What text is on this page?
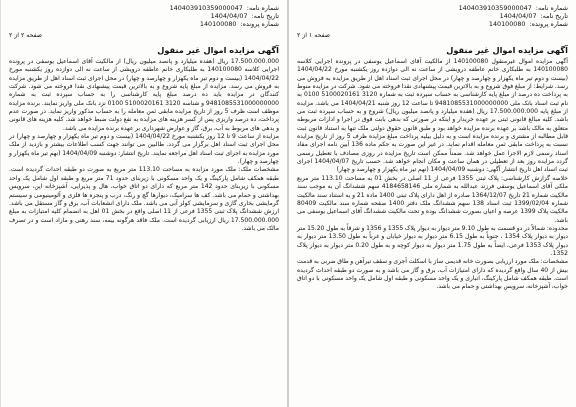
شماره نامه:
140403910359000047
تاریخ نامه:
1404/04/07
شماره پرونده:
140100080
صفحه ۱ از ۲
آگهی مزایده اموال غیر منقول

آگهی مزایده اموال غیرمنقول 140100080 از مالکیت آقای اسماعیل یوسفی در پرونده اجرایی کلاسه 140100080 به طلبکاری خانم عاطفه درویشی از ساعت نه الی دوازده روز یکشنبه مورخ 1404/04/22 (بیست و دوم تیر ماه یکهزار و چهارصد و چهار) در محل اجرای ثبت اسناد اهل از طریق مزایده به فروش می رسد. شرایط: از مبلغ فوق شروع و به بالاترین قیمت پیشنهادی نقدا فروخته می شود. شرکت در مزایده منوط به پرداخت ده درصد از مبلغ پایه کارشناسی به حساب سپرده ثبت به شماره 3120 5100020161 0100 به نام ثبت اسناد بانک ملی 9481085531000000000 تا ساعت 12 روز شنبه 1404/04/21 می باشد. مزایده از مبلغ پایه 17.500.000.000 ریال (هفده میلیارد و پانصد میلیون ریال) شروع و به حساب سپرده ثبت می باشد. کلیه مبالغ قانونی ثبتی بر عهده خریدار و اینکه در صورتی که بدهی بابت فوق در اجرا و ادارات مربوطه متعلق به مالک باشد بر عهده برنده مزایده خواهد بود و طبق قانون حقوق دولتی ملک تنها به استناد قانون ثبت قابل مطالبه از مشتری و برنده مزایده است و به دلیل بیلیه پرداخت مبلغ مزایده ظرف 5 روز از تاریخ مزایده نسبت به پرداخت مابقی ثمن معامله اقدام نماید. در غیر این صورت به حکم ماده 136 آیین نامه اجرای مفاد اسناد رسمی لازم الاجرا عمل خواهد شد. ضمناً ممکن است تاریخ مزایده در روزی مصادف با تعطیل رسمی گردد مزایده روز بعد از تعطیلی در همان ساعت و مکان انجام خواهد شد. حسب تاریخ 1404/04/07 اجرای ثبت اسناد اهل تاریخ انتشار آگهی: دوشنبه 1404/04/09 (نهم تیر ماه یکهزار و چهارصد و چهار)

خلاصه گزارش کارشناسی: پلاک ثبتی 1355 فرعی از 11 اصلی در بخش 01 به مساحت 113.10 متر مربع ملکی آقای اسماعیل یوسفی فرزند عبدالله به شماره ملی 4184658146 سهم ششدانگ آن به موجب سند مالکیت شماره 21 تاریخ 1364/12/07 صادره از اهل دارای پلاک ثبتی 1400 ماده 21 و به استناد سند مالکیت شماره 1399/02/04 ثبت اسناد 138 سهم ششدانگ ملک دفتر 1400 صفحه شماره سند مالکیت 80409 مالکیت پلاک 1399 عرصه و اعیان بصورت ششدانگ بوده و تحت مالکیت ششدانگ آقای اسماعیل یوسفی می باشد.

محدوده: شمالاً در دو قسمت به طول 9.10 متر دیوار به دیوار پلاک 1355 و 1356 و شرقاً به طول 15.20 متر دیوار به دیوار پلاک 1354 ، جنوباً به طول 6.15 متر دیوار به دیوار خیابان و غرباً به طول 13.50 متر دیوار به دیوار پلاک 1353 فرعی، ایضاً به طول 1.75 متر دیوار به دیوار کوچه و به طول 0.20 متر دیوار به دیوار پلاک 1352.

مشخصات: ملک مورد ارزیابی بصورت خانه قدیمی ساز با اسکلت آجری و سقف تیرآهن و طاق ضربی به قدمت بیش از 40 سال واقع گردیده که دارای امتیازات آب، برق و گاز می باشد و به صورت دو طبقه احداث گردیده است. طبقه همکف شامل پارکینگ، انباری و یک واحد مسکونی و طبقه اول شامل یک واحد مسکونی با دو اتاق خواب، آشپزخانه، سرویس بهداشتی و حمام می باشد.

شماره نامه:
140403910359000047
تاریخ نامه:
1404/04/07
شماره پرونده:
140100080
صفحه ۲ از ۲
آگهی مزایده اموال غیر منقول

17.500.000.000 ریال (هفده میلیارد و پانصد میلیون ریال) از مالکیت آقای اسماعیل یوسفی در پرونده اجرایی کلاسه 140100080 به طلبکاری خانم عاطفه درویشی از ساعت نه الی دوازده روز یکشنبه مورخ 1404/04/22 (بیست و دوم تیر ماه یکهزار و چهارصد و چهار) در محل اجرای ثبت اسناد اهل از طریق مزایده به فروش می رسد. مزایده از مبلغ پایه شروع و به بالاترین قیمت پیشنهادی نقدا فروخته می شود. شرکت کنندگان در مزایده باید ده درصد مبلغ پایه کارشناسی را به حساب سپرده ثبت به شماره 9481085531000000000 و شناسه 3120 5100020161 0100 نزد بانک ملی واریز نمایند. برنده مزایده موظف است ظرف 5 روز از تاریخ مزایده مابقی ثمن معامله را به حساب مذکور واریز نماید. در صورت عدم پرداخت، ده درصد واریزی پس از کسر هزینه های مزایده به نفع دولت ضبط خواهد شد. کلیه هزینه های قانونی و بدهی های مربوط به آب، برق، گاز و عوارض شهرداری بر عهده برنده مزایده می باشد.

مزایده از ساعت 9 تا 12 روز یکشنبه مورخ 1404/04/22 (بیست و دوم تیر ماه یکهزار و چهارصد و چهار) در محل اجرای ثبت اسناد اهل برگزار می گردد. طالبین می توانند جهت کسب اطلاعات بیشتر و بازدید از ملک مورد مزایده به اجرای ثبت اسناد اهل مراجعه نمایند. تاریخ انتشار: دوشنبه 1404/04/09 (نهم تیر ماه یکهزار و چهارصد و چهار).

مشخصات ملک: ملک مورد مزایده به مساحت 113.10 متر مربع به صورت دو طبقه احداث گردیده است. طبقه همکف شامل پارکینگ و یک واحد مسکونی با زیربنای حدود 71 متر مربع و طبقه اول شامل یک واحد مسکونی با زیربنای حدود 142 متر مربع که دارای دو اتاق خواب، هال و پذیرایی، آشپزخانه اپن، سرویس بهداشتی و حمام می باشد. کف ها سرامیک، دیوارها گچ و رنگ، درب و پنجره ها فلزی و آلومینیومی و سیستم گرمایشی بخاری گازی و سرمایشی کولر آبی می باشد. ملک دارای انشعابات آب، برق و گاز مستقل می باشد. ارزش ششدانگ پلاک ثبتی 1355 فرعی از 11 اصلی واقع در بخش 01 اهل به انضمام کلیه امتیازات به مبلغ 17.500.000.000 ریال ارزیابی گردیده است. ملک فاقد هرگونه بیمه، سند رهنی و مازاد است و در تصرف مالک می باشد.
